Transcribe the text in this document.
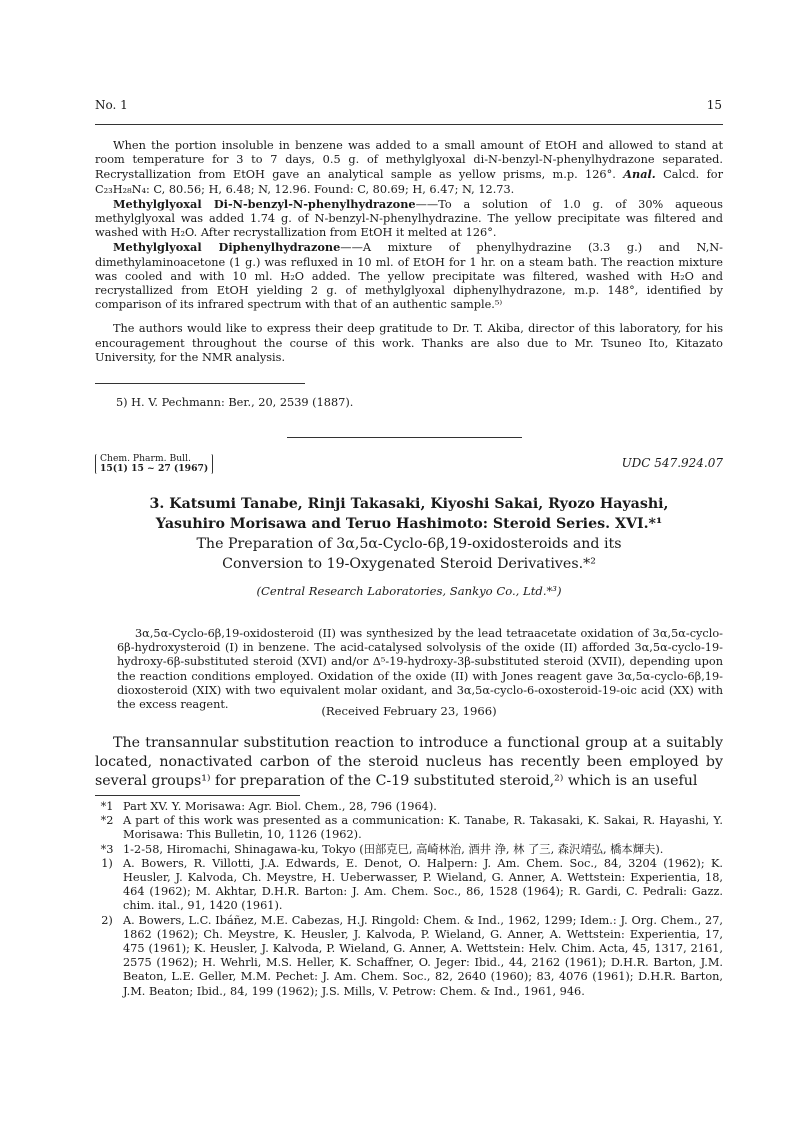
No. 1	15

When the portion insoluble in benzene was added to a small amount of EtOH and allowed to stand at room temperature for 3 to 7 days, 0.5 g. of methylglyoxal di-N-benzyl-N-phenylhydrazone separated. Recrystallization from EtOH gave an analytical sample as yellow prisms, m.p. 126°. Anal. Calcd. for C₂₃H₂₈N₄: C, 80.56; H, 6.48; N, 12.96. Found: C, 80.69; H, 6.47; N, 12.73.

Methylglyoxal Di-N-benzyl-N-phenylhydrazone——To a solution of 1.0 g. of 30% aqueous methylglyoxal was added 1.74 g. of N-benzyl-N-phenylhydrazine. The yellow precipitate was filtered and washed with H₂O. After recrystallization from EtOH it melted at 126°.

Methylglyoxal Diphenylhydrazone——A mixture of phenylhydrazine (3.3 g.) and N,N-dimethylaminoacetone (1 g.) was refluxed in 10 ml. of EtOH for 1 hr. on a steam bath. The reaction mixture was cooled and with 10 ml. H₂O added. The yellow precipitate was filtered, washed with H₂O and recrystallized from EtOH yielding 2 g. of methylglyoxal diphenylhydrazone, m.p. 148°, identified by comparison of its infrared spectrum with that of an authentic sample.⁵⁾

The authors would like to express their deep gratitude to Dr. T. Akiba, director of this laboratory, for his encouragement throughout the course of this work. Thanks are also due to Mr. Tsuneo Ito, Kitazato University, for the NMR analysis.

5) H. V. Pechmann: Ber., 20, 2539 (1887).
Chem. Pharm. Bull.
15(1) 15 ~ 27 (1967)	UDC 547.924.07
3. Katsumi Tanabe, Rinji Takasaki, Kiyoshi Sakai, Ryozo Hayashi,
Yasuhiro Morisawa and Teruo Hashimoto: Steroid Series. XVI.*¹
The Preparation of 3α,5α-Cyclo-6β,19-oxidosteroids and its
Conversion to 19-Oxygenated Steroid Derivatives.*²
(Central Research Laboratories, Sankyo Co., Ltd.*³)

3α,5α-Cyclo-6β,19-oxidosteroid (II) was synthesized by the lead tetraacetate oxidation of 3α,5α-cyclo-6β-hydroxysteroid (I) in benzene. The acid-catalysed solvolysis of the oxide (II) afforded 3α,5α-cyclo-19-hydroxy-6β-substituted steroid (XVI) and/or Δ⁵-19-hydroxy-3β-substituted steroid (XVII), depending upon the reaction conditions employed. Oxidation of the oxide (II) with Jones reagent gave 3α,5α-cyclo-6β,19-dioxosteroid (XIX) with two equivalent molar oxidant, and 3α,5α-cyclo-6-oxosteroid-19-oic acid (XX) with the excess reagent.	(Received February 23, 1966)

The transannular substitution reaction to introduce a functional group at a suitably located, nonactivated carbon of the steroid nucleus has recently been employed by several groups¹⁾ for preparation of the C-19 substituted steroid,²⁾ which is an useful

*1 Part XV. Y. Morisawa: Agr. Biol. Chem., 28, 796 (1964).
*2 A part of this work was presented as a communication: K. Tanabe, R. Takasaki, K. Sakai, R. Hayashi, Y. Morisawa: This Bulletin, 10, 1126 (1962).
*3 1-2-58, Hiromachi, Shinagawa-ku, Tokyo (田部克巳, 高崎林治, 酒井 浄, 林 了三, 森沢靖弘, 橋本輝夫).
1) A. Bowers, R. Villotti, J.A. Edwards, E. Denot, O. Halpern: J. Am. Chem. Soc., 84, 3204 (1962); K. Heusler, J. Kalvoda, Ch. Meystre, H. Ueberwasser, P. Wieland, G. Anner, A. Wettstein: Experientia, 18, 464 (1962); M. Akhtar, D.H.R. Barton: J. Am. Chem. Soc., 86, 1528 (1964); R. Gardi, C. Pedrali: Gazz. chim. ital., 91, 1420 (1961).
2) A. Bowers, L.C. Ibáñez, M.E. Cabezas, H.J. Ringold: Chem. & Ind., 1962, 1299; Idem.: J. Org. Chem., 27, 1862 (1962); Ch. Meystre, K. Heusler, J. Kalvoda, P. Wieland, G. Anner, A. Wettstein: Experientia, 17, 475 (1961); K. Heusler, J. Kalvoda, P. Wieland, G. Anner, A. Wettstein: Helv. Chim. Acta, 45, 1317, 2161, 2575 (1962); H. Wehrli, M.S. Heller, K. Schaffner, O. Jeger: Ibid., 44, 2162 (1961); D.H.R. Barton, J.M. Beaton, L.E. Geller, M.M. Pechet: J. Am. Chem. Soc., 82, 2640 (1960); 83, 4076 (1961); D.H.R. Barton, J.M. Beaton; Ibid., 84, 199 (1962); J.S. Mills, V. Petrow: Chem. & Ind., 1961, 946.
